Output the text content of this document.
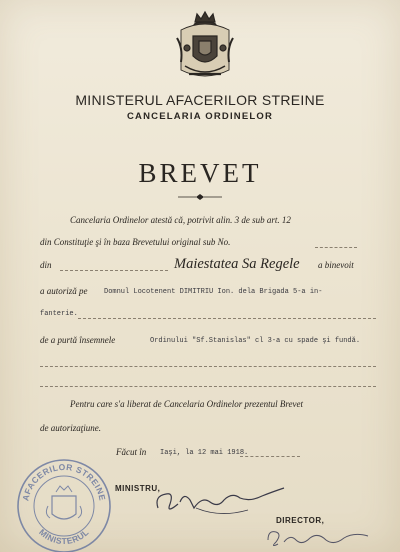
MINISTERUL AFACERILOR STREINE
CANCELARIA ORDINELOR
BREVET
Cancelaria Ordinelor atestă că, potrivit alin. 3 de sub art. 12
din Constituţie şi în baza Brevetului original sub No.
din	Maiestatea Sa Regele a binevoit
a autoriză pe Domnul Locotenent DIMITRIU Ion. dela Brigada 5-a in-
fanterie.
de a purtă însemnele	Ordinului "Sf.Stanislas" cl 3-a cu spade şi fundă.
Pentru care s'a liberat de Cancelaria Ordinelor prezentul Brevet
de autorizaţiune.
Făcut în Iaşi, la 12 mai 1918.
MINISTRU,
DIRECTOR,
AFACERILOR STREINE
MINISTERUL
